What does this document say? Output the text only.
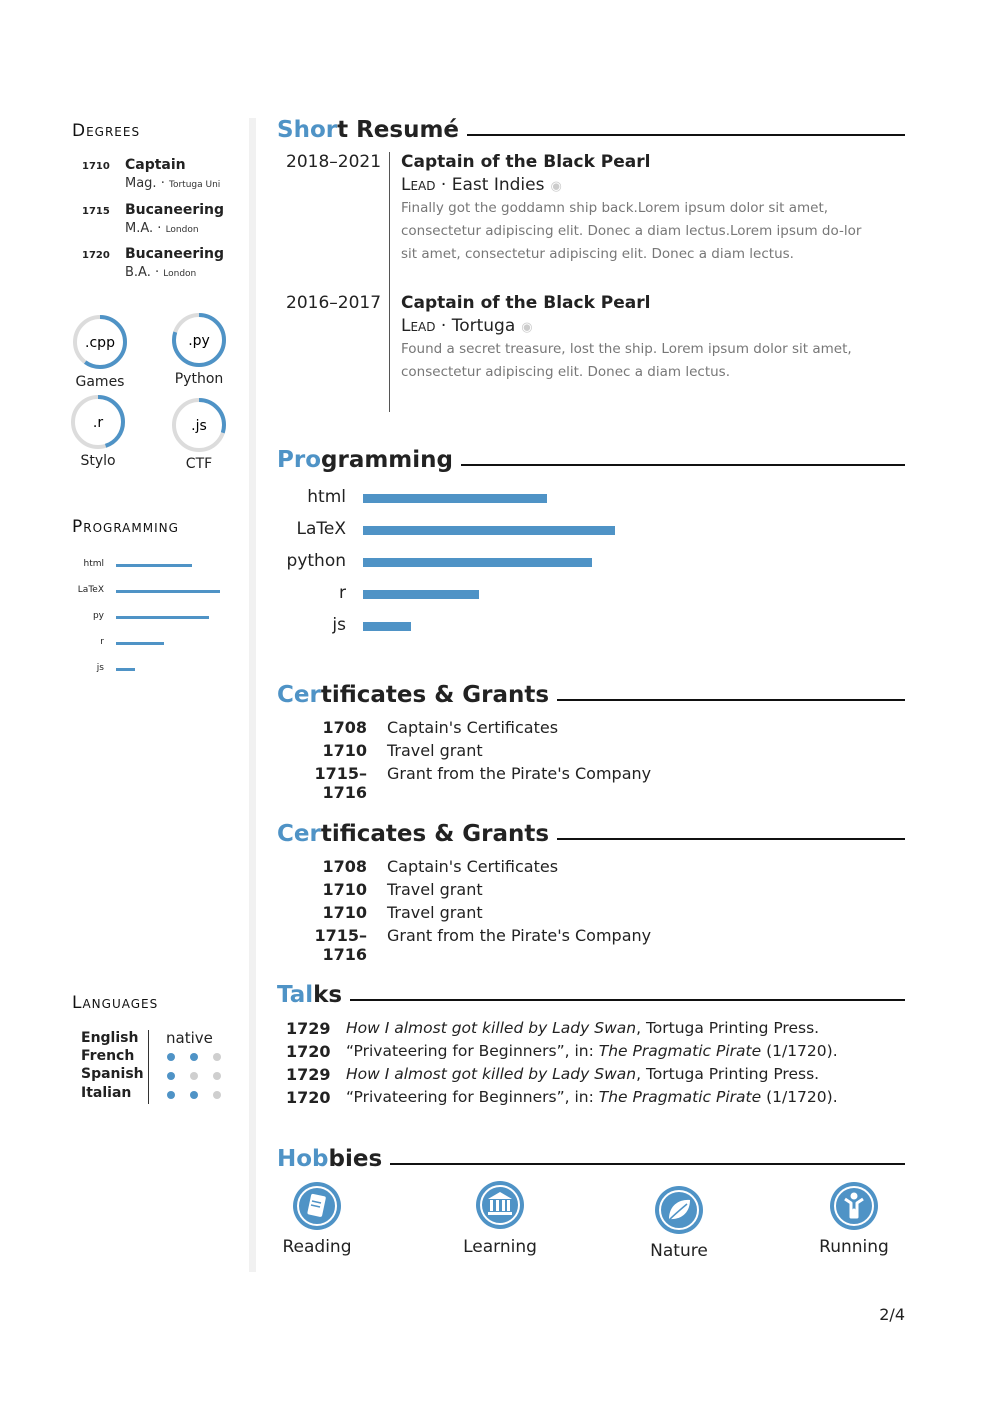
Degrees
1710 Captain
Mag. · Tortuga Uni
1715 Bucaneering
M.A. · London
1720 Bucaneering
B.A. · London
.cpp
Games
.py
Python
.r
Stylo
.js
CTF
Programming
html
LaTeX
py
r
js
Languages
English native
French
Spanish
Italian
Short Resumé
2018–2021 Captain of the Black Pearl
Lead · East Indies ◉
Finally got the goddamn ship back.Lorem ipsum dolor sit amet, consectetur adipiscing elit. Donec a diam lectus.Lorem ipsum do-lor sit amet, consectetur adipiscing elit. Donec a diam lectus.
2016–2017 Captain of the Black Pearl
Lead · Tortuga ◉
Found a secret treasure, lost the ship. Lorem ipsum dolor sit amet, consectetur adipiscing elit. Donec a diam lectus.
Programming
html
LaTeX
python
r
js
Certificates & Grants
1708 Captain's Certificates
1710 Travel grant
1715–1716
Grant from the Pirate's Company
Certificates & Grants
1708 Captain's Certificates
1710 Travel grant
1710 Travel grant
1715–1716
Grant from the Pirate's Company
Talks
1729 How I almost got killed by Lady Swan, Tortuga Printing Press.
1720 “Privateering for Beginners”, in: The Pragmatic Pirate (1/1720).
1729 How I almost got killed by Lady Swan, Tortuga Printing Press.
1720 “Privateering for Beginners”, in: The Pragmatic Pirate (1/1720).
Hobbies
Reading	Learning	Nature	Running
2/4
